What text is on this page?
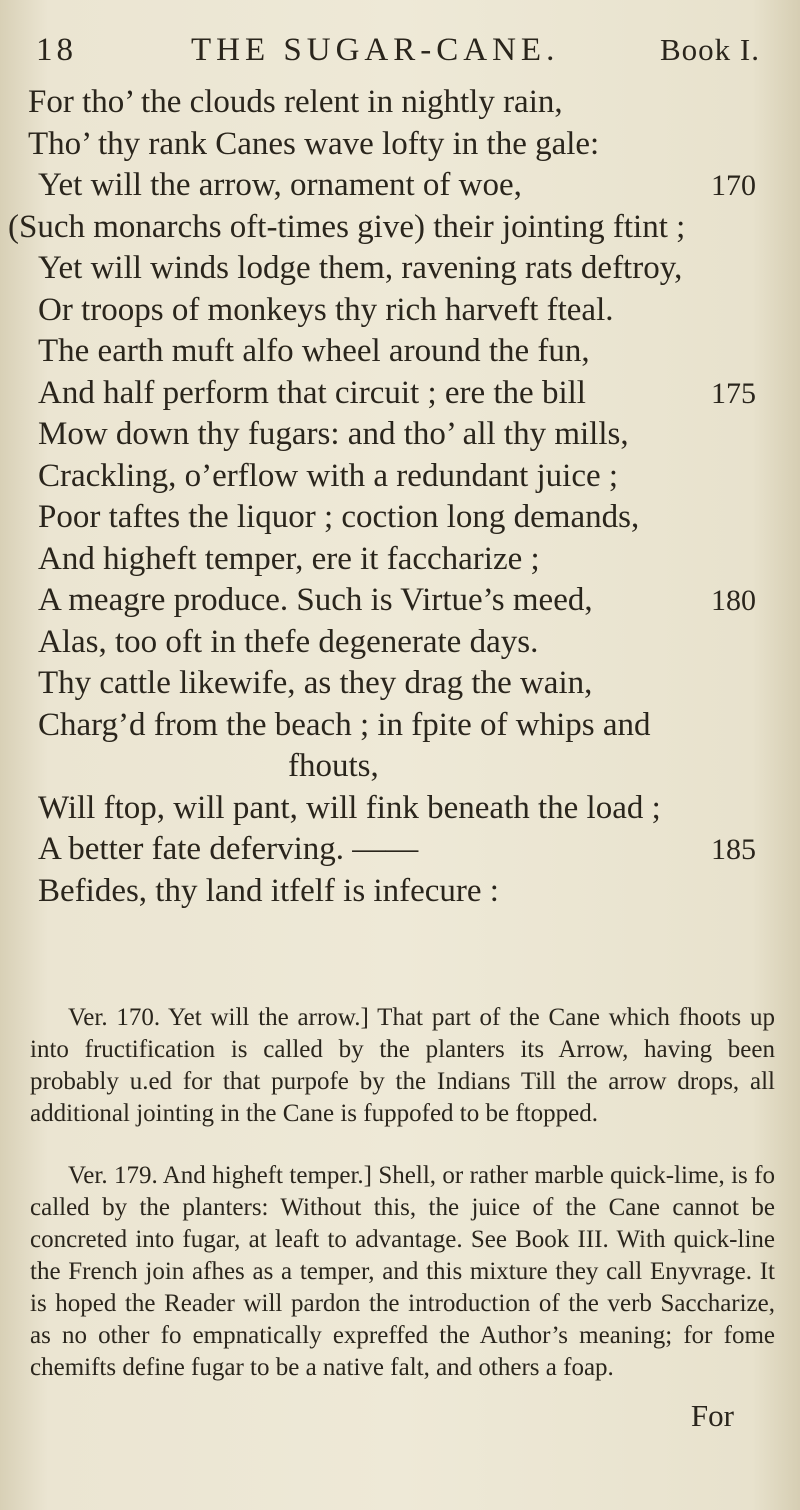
18	THE SUGAR-CANE.	Book I.
For tho’ the clouds relent in nightly rain,
Tho’ thy rank Canes wave lofty in the gale:
Yet will the arrow, ornament of woe,	170
(Such monarchs oft-times give) their jointing ftint ;
Yet will winds lodge them, ravening rats deftroy,
Or troops of monkeys thy rich harveft fteal.
The earth muft alfo wheel around the fun,
And half perform that circuit ; ere the bill	175
Mow down thy fugars: and tho’ all thy mills,
Crackling, o’erflow with a redundant juice ;
Poor taftes the liquor ; coction long demands,
And higheft temper, ere it faccharize ;
A meagre produce. Such is Virtue’s meed,	180
Alas, too oft in thefe degenerate days.
Thy cattle likewife, as they drag the wain,
Charg’d from the beach ; in fpite of whips and
fhouts,
Will ftop, will pant, will fink beneath the load ;
A better fate deferving. ——	185
Befides, thy land itfelf is infecure :

Ver. 170. Yet will the arrow.] That part of the Cane which fhoots up into fructification is called by the planters its Arrow, having been probably u.ed for that purpofe by the Indians Till the arrow drops, all additional jointing in the Cane is fuppofed to be ftopped.

Ver. 179. And higheft temper.] Shell, or rather marble quick-lime, is fo called by the planters: Without this, the juice of the Cane cannot be concreted into fugar, at leaft to advantage. See Book III. With quick-line the French join afhes as a temper, and this mixture they call Enyvrage. It is hoped the Reader will pardon the introduction of the verb Saccharize, as no other fo empnatically expreffed the Author’s meaning; for fome chemifts define fugar to be a native falt, and others a foap.

For
